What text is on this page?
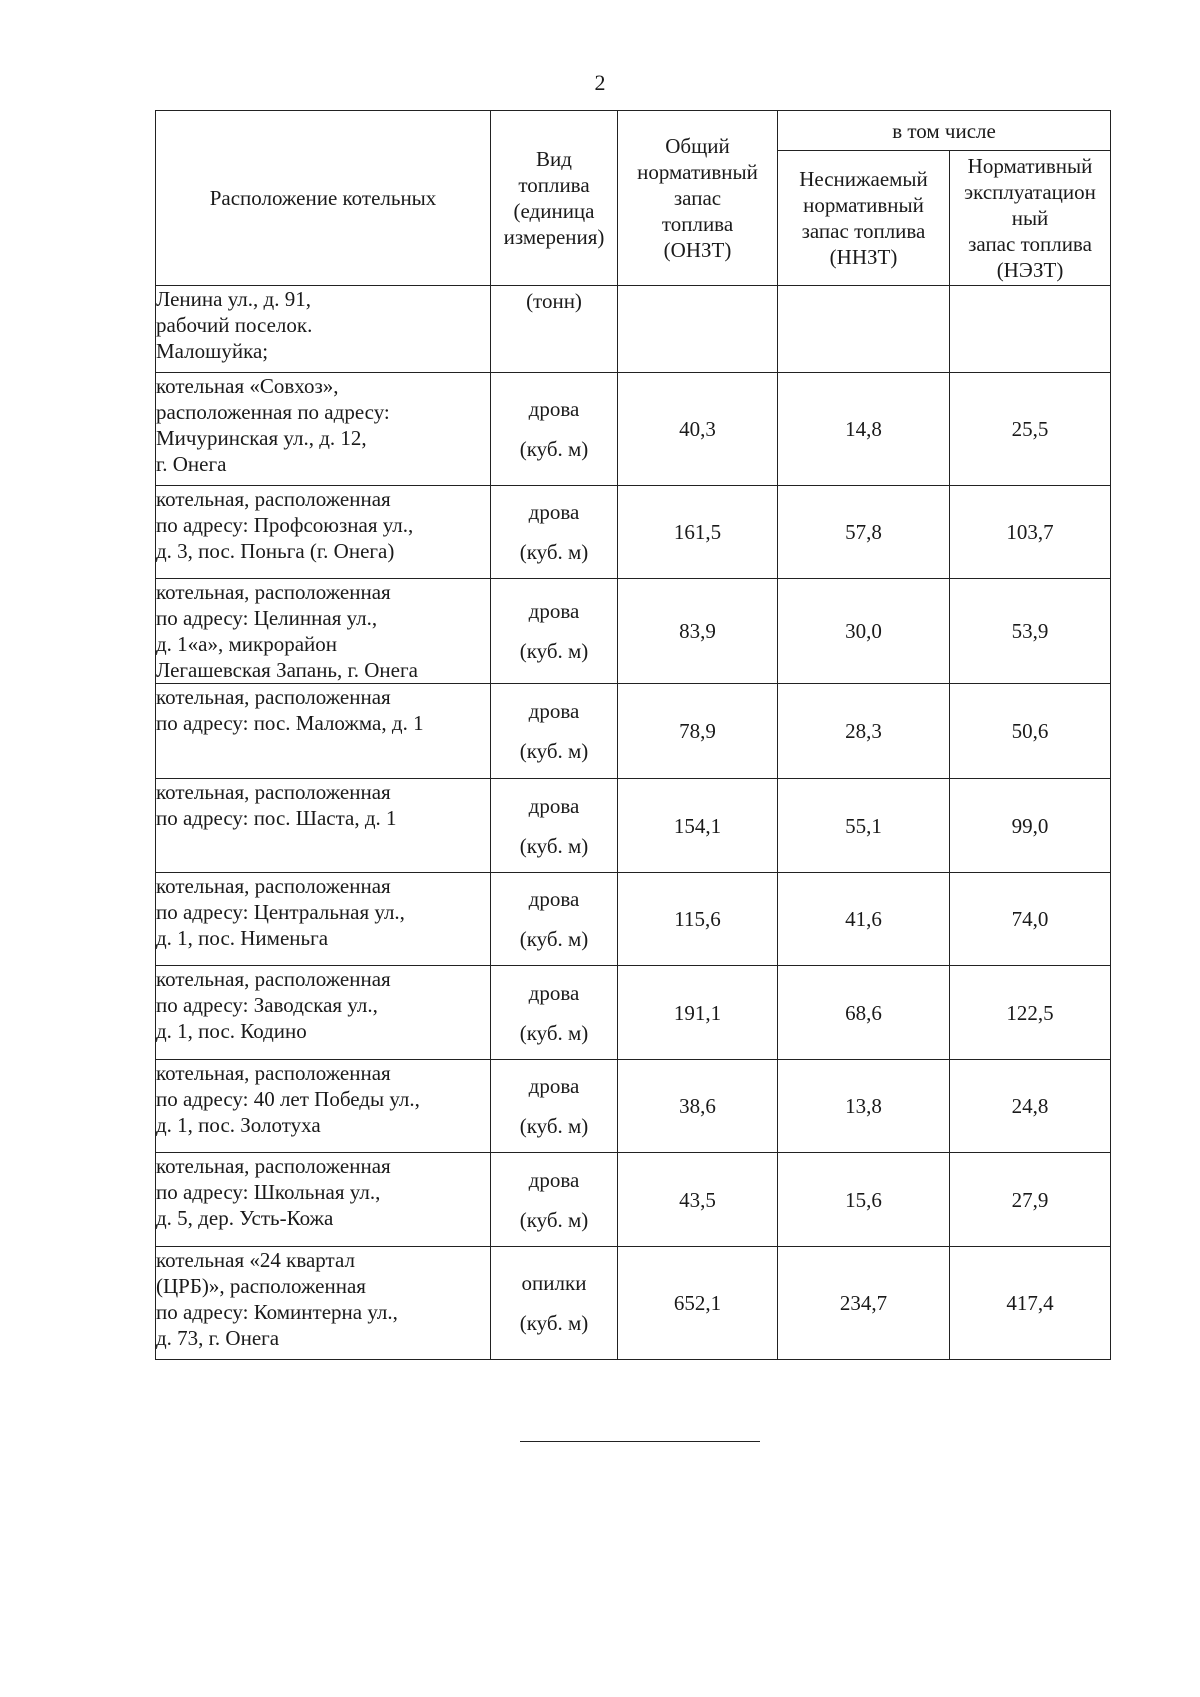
2
Расположение котельных	Вид
топлива
(единица
измерения)	Общий
нормативный
запас
топлива
(ОНЗТ)	в том числе	

			Неснижаемый
нормативный
запас топлива
(ННЗТ)	Нормативный
эксплуатацион
ный
запас топлива
(НЭЗТ)

Ленина ул., д. 91,
рабочий поселок.
Малошуйка;	(тонн)			

котельная «Совхоз»,
расположенная по адресу:
Мичуринская ул., д. 12,
г. Онега	дрова
(куб. м)	40,3	14,8	25,5

котельная, расположенная
по адресу: Профсоюзная ул.,
д. 3, пос. Поньга (г. Онега)	дрова
(куб. м)	161,5	57,8	103,7

котельная, расположенная
по адресу: Целинная ул.,
д. 1«а», микрорайон
Легашевская Запань, г. Онега	дрова
(куб. м)	83,9	30,0	53,9

котельная, расположенная
по адресу: пос. Маложма, д. 1	дрова
(куб. м)	78,9	28,3	50,6

котельная, расположенная
по адресу: пос. Шаста, д. 1	дрова
(куб. м)	154,1	55,1	99,0

котельная, расположенная
по адресу: Центральная ул.,
д. 1, пос. Нименьга	дрова
(куб. м)	115,6	41,6	74,0

котельная, расположенная
по адресу: Заводская ул.,
д. 1, пос. Кодино	дрова
(куб. м)	191,1	68,6	122,5

котельная, расположенная
по адресу: 40 лет Победы ул.,
д. 1, пос. Золотуха	дрова
(куб. м)	38,6	13,8	24,8

котельная, расположенная
по адресу: Школьная ул.,
д. 5, дер. Усть-Кожа	дрова
(куб. м)	43,5	15,6	27,9

котельная «24 квартал
(ЦРБ)», расположенная
по адресу: Коминтерна ул.,
д. 73, г. Онега	опилки
(куб. м)	652,1	234,7	417,4
